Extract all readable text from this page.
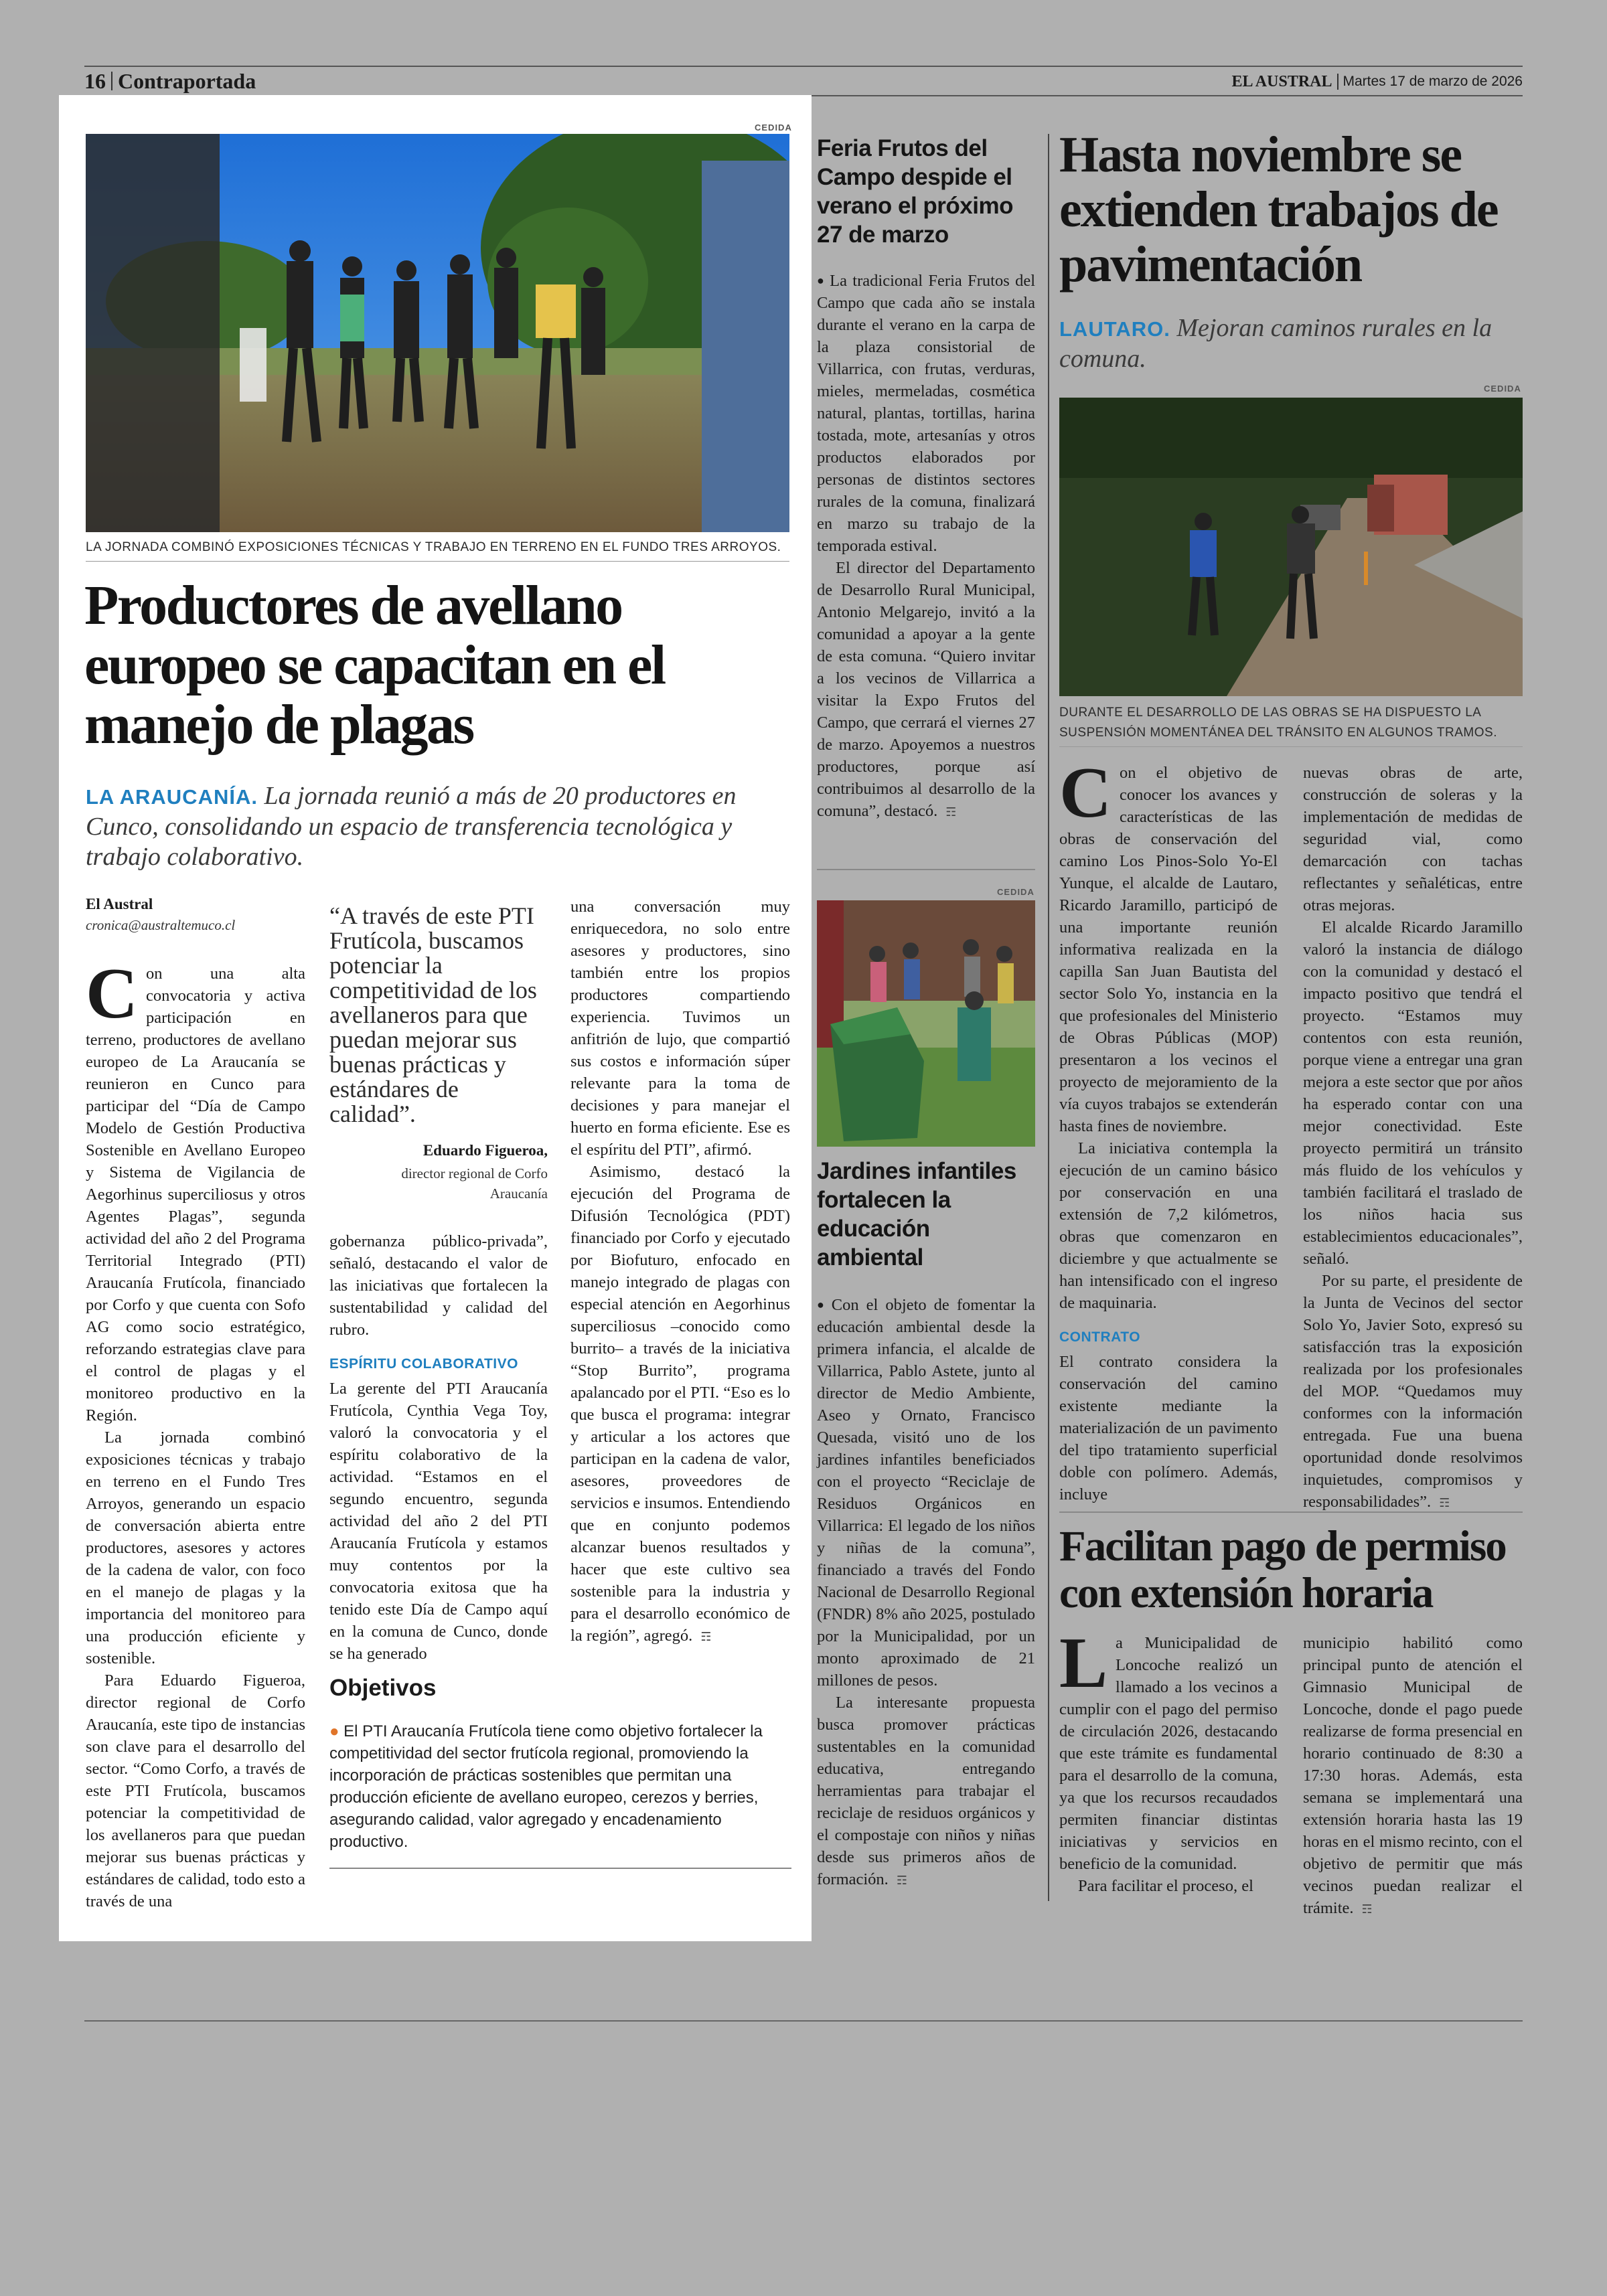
16 Contraportada	EL AUSTRAL Martes 17 de marzo de 2026
CEDIDA
LA JORNADA COMBINÓ EXPOSICIONES TÉCNICAS Y TRABAJO EN TERRENO EN EL FUNDO TRES ARROYOS.
Productores de avellano europeo se capacitan en el manejo de plagas
LA ARAUCANÍA. La jornada reunió a más de 20 productores en Cunco, consolidando un espacio de transferencia tecnológica y trabajo colaborativo.
El Austral
cronica@australtemuco.cl

Con una alta convocatoria y activa participación en terreno, productores de avellano europeo de La Araucanía se reunieron en Cunco para participar del “Día de Campo Modelo de Gestión Productiva Sostenible en Avellano Europeo y Sistema de Vigilancia de Aegorhinus superciliosus y otros Agentes Plagas”, segunda actividad del año 2 del Programa Territorial Integrado (PTI) Araucanía Frutícola, financiado por Corfo y que cuenta con Sofo AG como socio estratégico, reforzando estrategias clave para el control de plagas y el monitoreo productivo en la Región.

La jornada combinó exposiciones técnicas y trabajo en terreno en el Fundo Tres Arroyos, generando un espacio de conversación abierta entre productores, asesores y actores de la cadena de valor, con foco en el manejo de plagas y la importancia del monitoreo para una producción eficiente y sostenible.

Para Eduardo Figueroa, director regional de Corfo Araucanía, este tipo de instancias son clave para el desarrollo del sector. “Como Corfo, a través de este PTI Frutícola, buscamos potenciar la competitividad de los avellaneros para que puedan mejorar sus buenas prácticas y estándares de calidad, todo esto a través de una

“A través de este PTI Frutícola, buscamos potenciar la competitividad de los avellaneros para que puedan mejorar sus buenas prácticas y estándares de calidad”.
Eduardo Figueroa,
director regional de Corfo Araucanía

gobernanza público-privada”, señaló, destacando el valor de las iniciativas que fortalecen la sustentabilidad y calidad del rubro.

ESPÍRITU COLABORATIVO

La gerente del PTI Araucanía Frutícola, Cynthia Vega Toy, valoró la convocatoria y el espíritu colaborativo de la actividad. “Estamos en el segundo encuentro, segunda actividad del año 2 del PTI Araucanía Frutícola y estamos muy contentos por la convocatoria exitosa que ha tenido este Día de Campo aquí en la comuna de Cunco, donde se ha generado

una conversación muy enriquecedora, no solo entre asesores y productores, sino también entre los propios productores compartiendo experiencia. Tuvimos un anfitrión de lujo, que compartió sus costos e información súper relevante para la toma de decisiones y para manejar el huerto en forma eficiente. Ese es el espíritu del PTI”, afirmó.

Asimismo, destacó la ejecución del Programa de Difusión Tecnológica (PDT) financiado por Corfo y ejecutado por Biofuturo, enfocado en manejo integrado de plagas con especial atención en Aegorhinus superciliosus –conocido como burrito– a través de la iniciativa “Stop Burrito”, programa apalancado por el PTI. “Eso es lo que busca el programa: integrar y articular a los actores que participan en la cadena de valor, asesores, proveedores de servicios e insumos. Entendiendo que en conjunto podemos alcanzar buenos resultados y hacer que este cultivo sea sostenible para la industria y para el desarrollo económico de la región”, agregó. ☶

Objetivos
● El PTI Araucanía Frutícola tiene como objetivo fortalecer la competitividad del sector frutícola regional, promoviendo la incorporación de prácticas sostenibles que permitan una producción eficiente de avellano europeo, cerezos y berries, asegurando calidad, valor agregado y encadenamiento productivo.
Feria Frutos del Campo despide el verano el próximo 27 de marzo

● La tradicional Feria Frutos del Campo que cada año se instala durante el verano en la carpa de la plaza consistorial de Villarrica, con frutas, verduras, mieles, mermeladas, cosmética natural, plantas, tortillas, harina tostada, mote, artesanías y otros productos elaborados por personas de distintos sectores rurales de la comuna, finalizará en marzo su trabajo de la temporada estival.

El director del Departamento de Desarrollo Rural Municipal, Antonio Melgarejo, invitó a la comunidad a apoyar a la gente de esta comuna. “Quiero invitar a los vecinos de Villarrica a visitar la Expo Frutos del Campo, que cerrará el viernes 27 de marzo. Apoyemos a nuestros productores, porque así contribuimos al desarrollo de la comuna”, destacó. ☶

CEDIDA
Jardines infantiles fortalecen la educación ambiental

● Con el objeto de fomentar la educación ambiental desde la primera infancia, el alcalde de Villarrica, Pablo Astete, junto al director de Medio Ambiente, Aseo y Ornato, Francisco Quesada, visitó uno de los jardines infantiles beneficiados con el proyecto “Reciclaje de Residuos Orgánicos en Villarrica: El legado de los niños y niñas de la comuna”, financiado a través del Fondo Nacional de Desarrollo Regional (FNDR) 8% año 2025, postulado por la Municipalidad, por un monto aproximado de 21 millones de pesos.

La interesante propuesta busca promover prácticas sustentables en la comunidad educativa, entregando herramientas para trabajar el reciclaje de residuos orgánicos y el compostaje con niños y niñas desde sus primeros años de formación. ☶

Hasta noviembre se extienden trabajos de pavimentación
LAUTARO. Mejoran caminos rurales en la comuna.
CEDIDA
DURANTE EL DESARROLLO DE LAS OBRAS SE HA DISPUESTO LA SUSPENSIÓN MOMENTÁNEA DEL TRÁNSITO EN ALGUNOS TRAMOS.

Con el objetivo de conocer los avances y características de las obras de conservación del camino Los Pinos-Solo Yo-El Yunque, el alcalde de Lautaro, Ricardo Jaramillo, participó de una importante reunión informativa realizada en la capilla San Juan Bautista del sector Solo Yo, instancia en la que profesionales del Ministerio de Obras Públicas (MOP) presentaron a los vecinos el proyecto de mejoramiento de la vía cuyos trabajos se extenderán hasta fines de noviembre.

La iniciativa contempla la ejecución de un camino básico por conservación en una extensión de 7,2 kilómetros, obras que comenzaron en diciembre y que actualmente se han intensificado con el ingreso de maquinaria.

CONTRATO

El contrato considera la conservación del camino existente mediante la materialización de un pavimento del tipo tratamiento superficial doble con polímero. Además, incluye

nuevas obras de arte, construcción de soleras y la implementación de medidas de seguridad vial, como demarcación con tachas reflectantes y señaléticas, entre otras mejoras.

El alcalde Ricardo Jaramillo valoró la instancia de diálogo con la comunidad y destacó el impacto positivo que tendrá el proyecto. “Estamos muy contentos con esta reunión, porque viene a entregar una gran mejora a este sector que por años ha esperado contar con una mejor conectividad. Este proyecto permitirá un tránsito más fluido de los vehículos y también facilitará el traslado de los niños hacia sus establecimientos educacionales”, señaló.

Por su parte, el presidente de la Junta de Vecinos del sector Solo Yo, Javier Soto, expresó su satisfacción tras la exposición realizada por los profesionales del MOP. “Quedamos muy conformes con la información entregada. Fue una buena oportunidad donde resolvimos inquietudes, compromisos y responsabilidades”. ☶

Facilitan pago de permiso con extensión horaria

La Municipalidad de Loncoche realizó un llamado a los vecinos a cumplir con el pago del permiso de circulación 2026, destacando que este trámite es fundamental para el desarrollo de la comuna, ya que los recursos recaudados permiten financiar distintas iniciativas y servicios en beneficio de la comunidad.

Para facilitar el proceso, el

municipio habilitó como principal punto de atención el Gimnasio Municipal de Loncoche, donde el pago puede realizarse de forma presencial en horario continuado de 8:30 a 17:30 horas. Además, esta semana se implementará una extensión horaria hasta las 19 horas en el mismo recinto, con el objetivo de permitir que más vecinos puedan realizar el trámite. ☶
